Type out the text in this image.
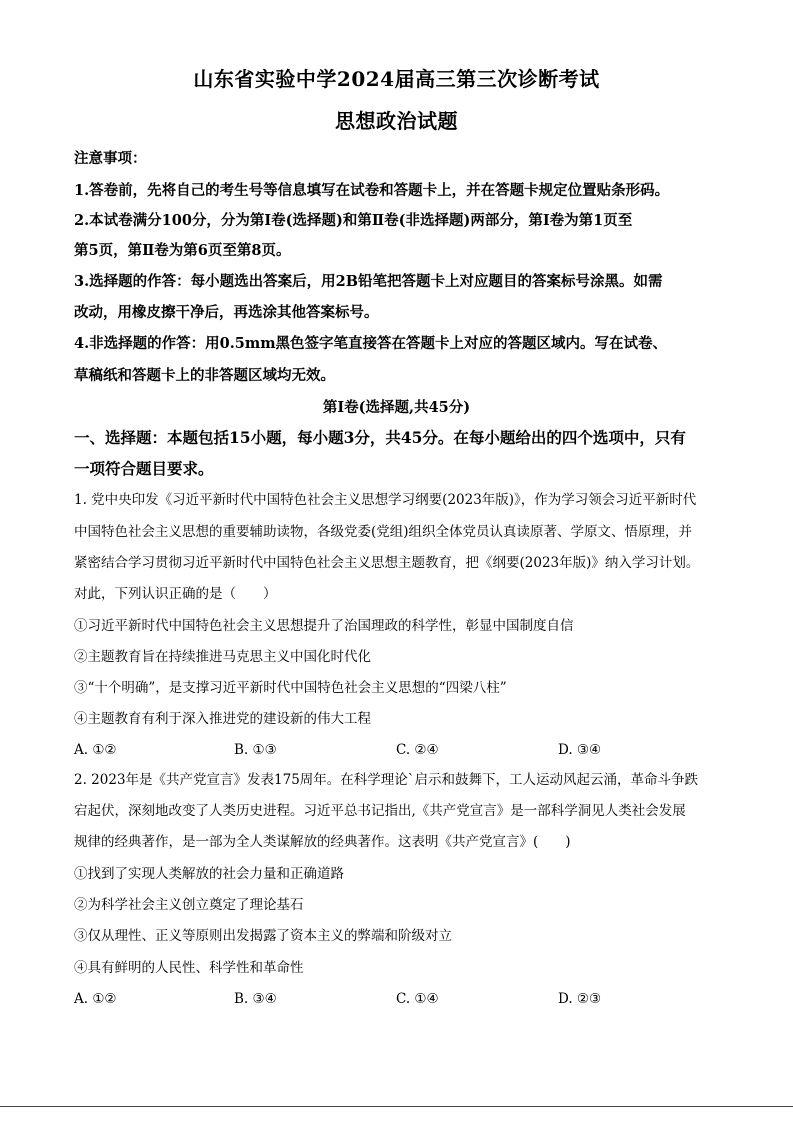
山东省实验中学2024届高三第三次诊断考试
思想政治试题
注意事项：
1.答卷前，先将自己的考生号等信息填写在试卷和答题卡上，并在答题卡规定位置贴条形码。
2.本试卷满分100分，分为第Ⅰ卷(选择题)和第Ⅱ卷(非选择题)两部分，第Ⅰ卷为第1页至
第5页，第Ⅱ卷为第6页至第8页。
3.选择题的作答：每小题选出答案后，用2B铅笔把答题卡上对应题目的答案标号涂黑。如需
改动，用橡皮擦干净后，再选涂其他答案标号。
4.非选择题的作答：用0.5mm黑色签字笔直接答在答题卡上对应的答题区域内。写在试卷、
草稿纸和答题卡上的非答题区域均无效。
第Ⅰ卷(选择题,共45分)
一、选择题：本题包括15小题，每小题3分，共45分。在每小题给出的四个选项中，只有
一项符合题目要求。
1. 党中央印发《习近平新时代中国特色社会主义思想学习纲要(2023年版)》，作为学习领会习近平新时代
中国特色社会主义思想的重要辅助读物，各级党委(党组)组织全体党员认真读原著、学原文、悟原理，并
紧密结合学习贯彻习近平新时代中国特色社会主义思想主题教育，把《纲要(2023年版)》纳入学习计划。
对此，下列认识正确的是（　　）
①习近平新时代中国特色社会主义思想提升了治国理政的科学性，彰显中国制度自信
②主题教育旨在持续推进马克思主义中国化时代化
③“十个明确”，是支撑习近平新时代中国特色社会主义思想的“四梁八柱”
④主题教育有利于深入推进党的建设新的伟大工程
A. ①②	B. ①③	C. ②④	D. ③④
2. 2023年是《共产党宣言》发表175周年。在科学理论`启示和鼓舞下，工人运动风起云涌，革命斗争跌
宕起伏，深刻地改变了人类历史进程。习近平总书记指出,《共产党宣言》是一部科学洞见人类社会发展
规律的经典著作，是一部为全人类谋解放的经典著作。这表明《共产党宣言》(　　)
①找到了实现人类解放的社会力量和正确道路
②为科学社会主义创立奠定了理论基石
③仅从理性、正义等原则出发揭露了资本主义的弊端和阶级对立
④具有鲜明的人民性、科学性和革命性
A. ①②	B. ③④	C. ①④	D. ②③
